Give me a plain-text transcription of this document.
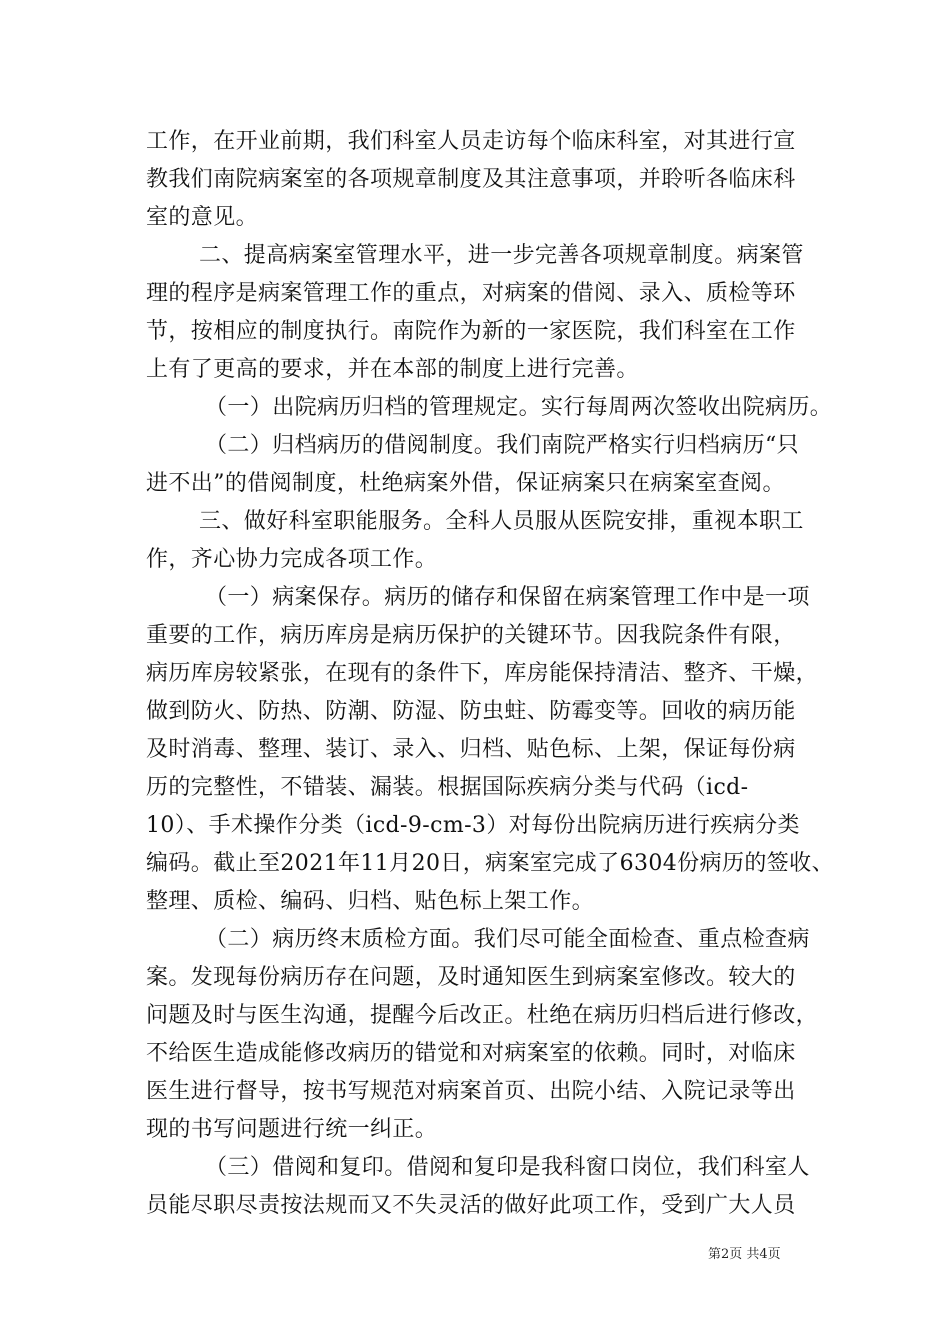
工作，在开业前期，我们科室人员走访每个临床科室，对其进行宣
教我们南院病案室的各项规章制度及其注意事项，并聆听各临床科
室的意见。
二、提高病案室管理水平，进一步完善各项规章制度。病案管
理的程序是病案管理工作的重点，对病案的借阅、录入、质检等环
节，按相应的制度执行。南院作为新的一家医院，我们科室在工作
上有了更高的要求，并在本部的制度上进行完善。
（一）出院病历归档的管理规定。实行每周两次签收出院病历。
（二）归档病历的借阅制度。我们南院严格实行归档病历“只
进不出”的借阅制度，杜绝病案外借，保证病案只在病案室查阅。
三、做好科室职能服务。全科人员服从医院安排，重视本职工
作，齐心协力完成各项工作。
（一）病案保存。病历的储存和保留在病案管理工作中是一项
重要的工作，病历库房是病历保护的关键环节。因我院条件有限，
病历库房较紧张，在现有的条件下，库房能保持清洁、整齐、干燥，
做到防火、防热、防潮、防湿、防虫蛀、防霉变等。回收的病历能
及时消毒、整理、装订、录入、归档、贴色标、上架，保证每份病
历的完整性，不错装、漏装。根据国际疾病分类与代码（icd-
10）、手术操作分类（icd-9-cm-3）对每份出院病历进行疾病分类
编码。截止至2021年11月20日，病案室完成了6304份病历的签收、
整理、质检、编码、归档、贴色标上架工作。
（二）病历终末质检方面。我们尽可能全面检查、重点检查病
案。发现每份病历存在问题，及时通知医生到病案室修改。较大的
问题及时与医生沟通，提醒今后改正。杜绝在病历归档后进行修改，
不给医生造成能修改病历的错觉和对病案室的依赖。同时，对临床
医生进行督导，按书写规范对病案首页、出院小结、入院记录等出
现的书写问题进行统一纠正。
（三）借阅和复印。借阅和复印是我科窗口岗位，我们科室人
员能尽职尽责按法规而又不失灵活的做好此项工作，受到广大人员
第2页 共4页
